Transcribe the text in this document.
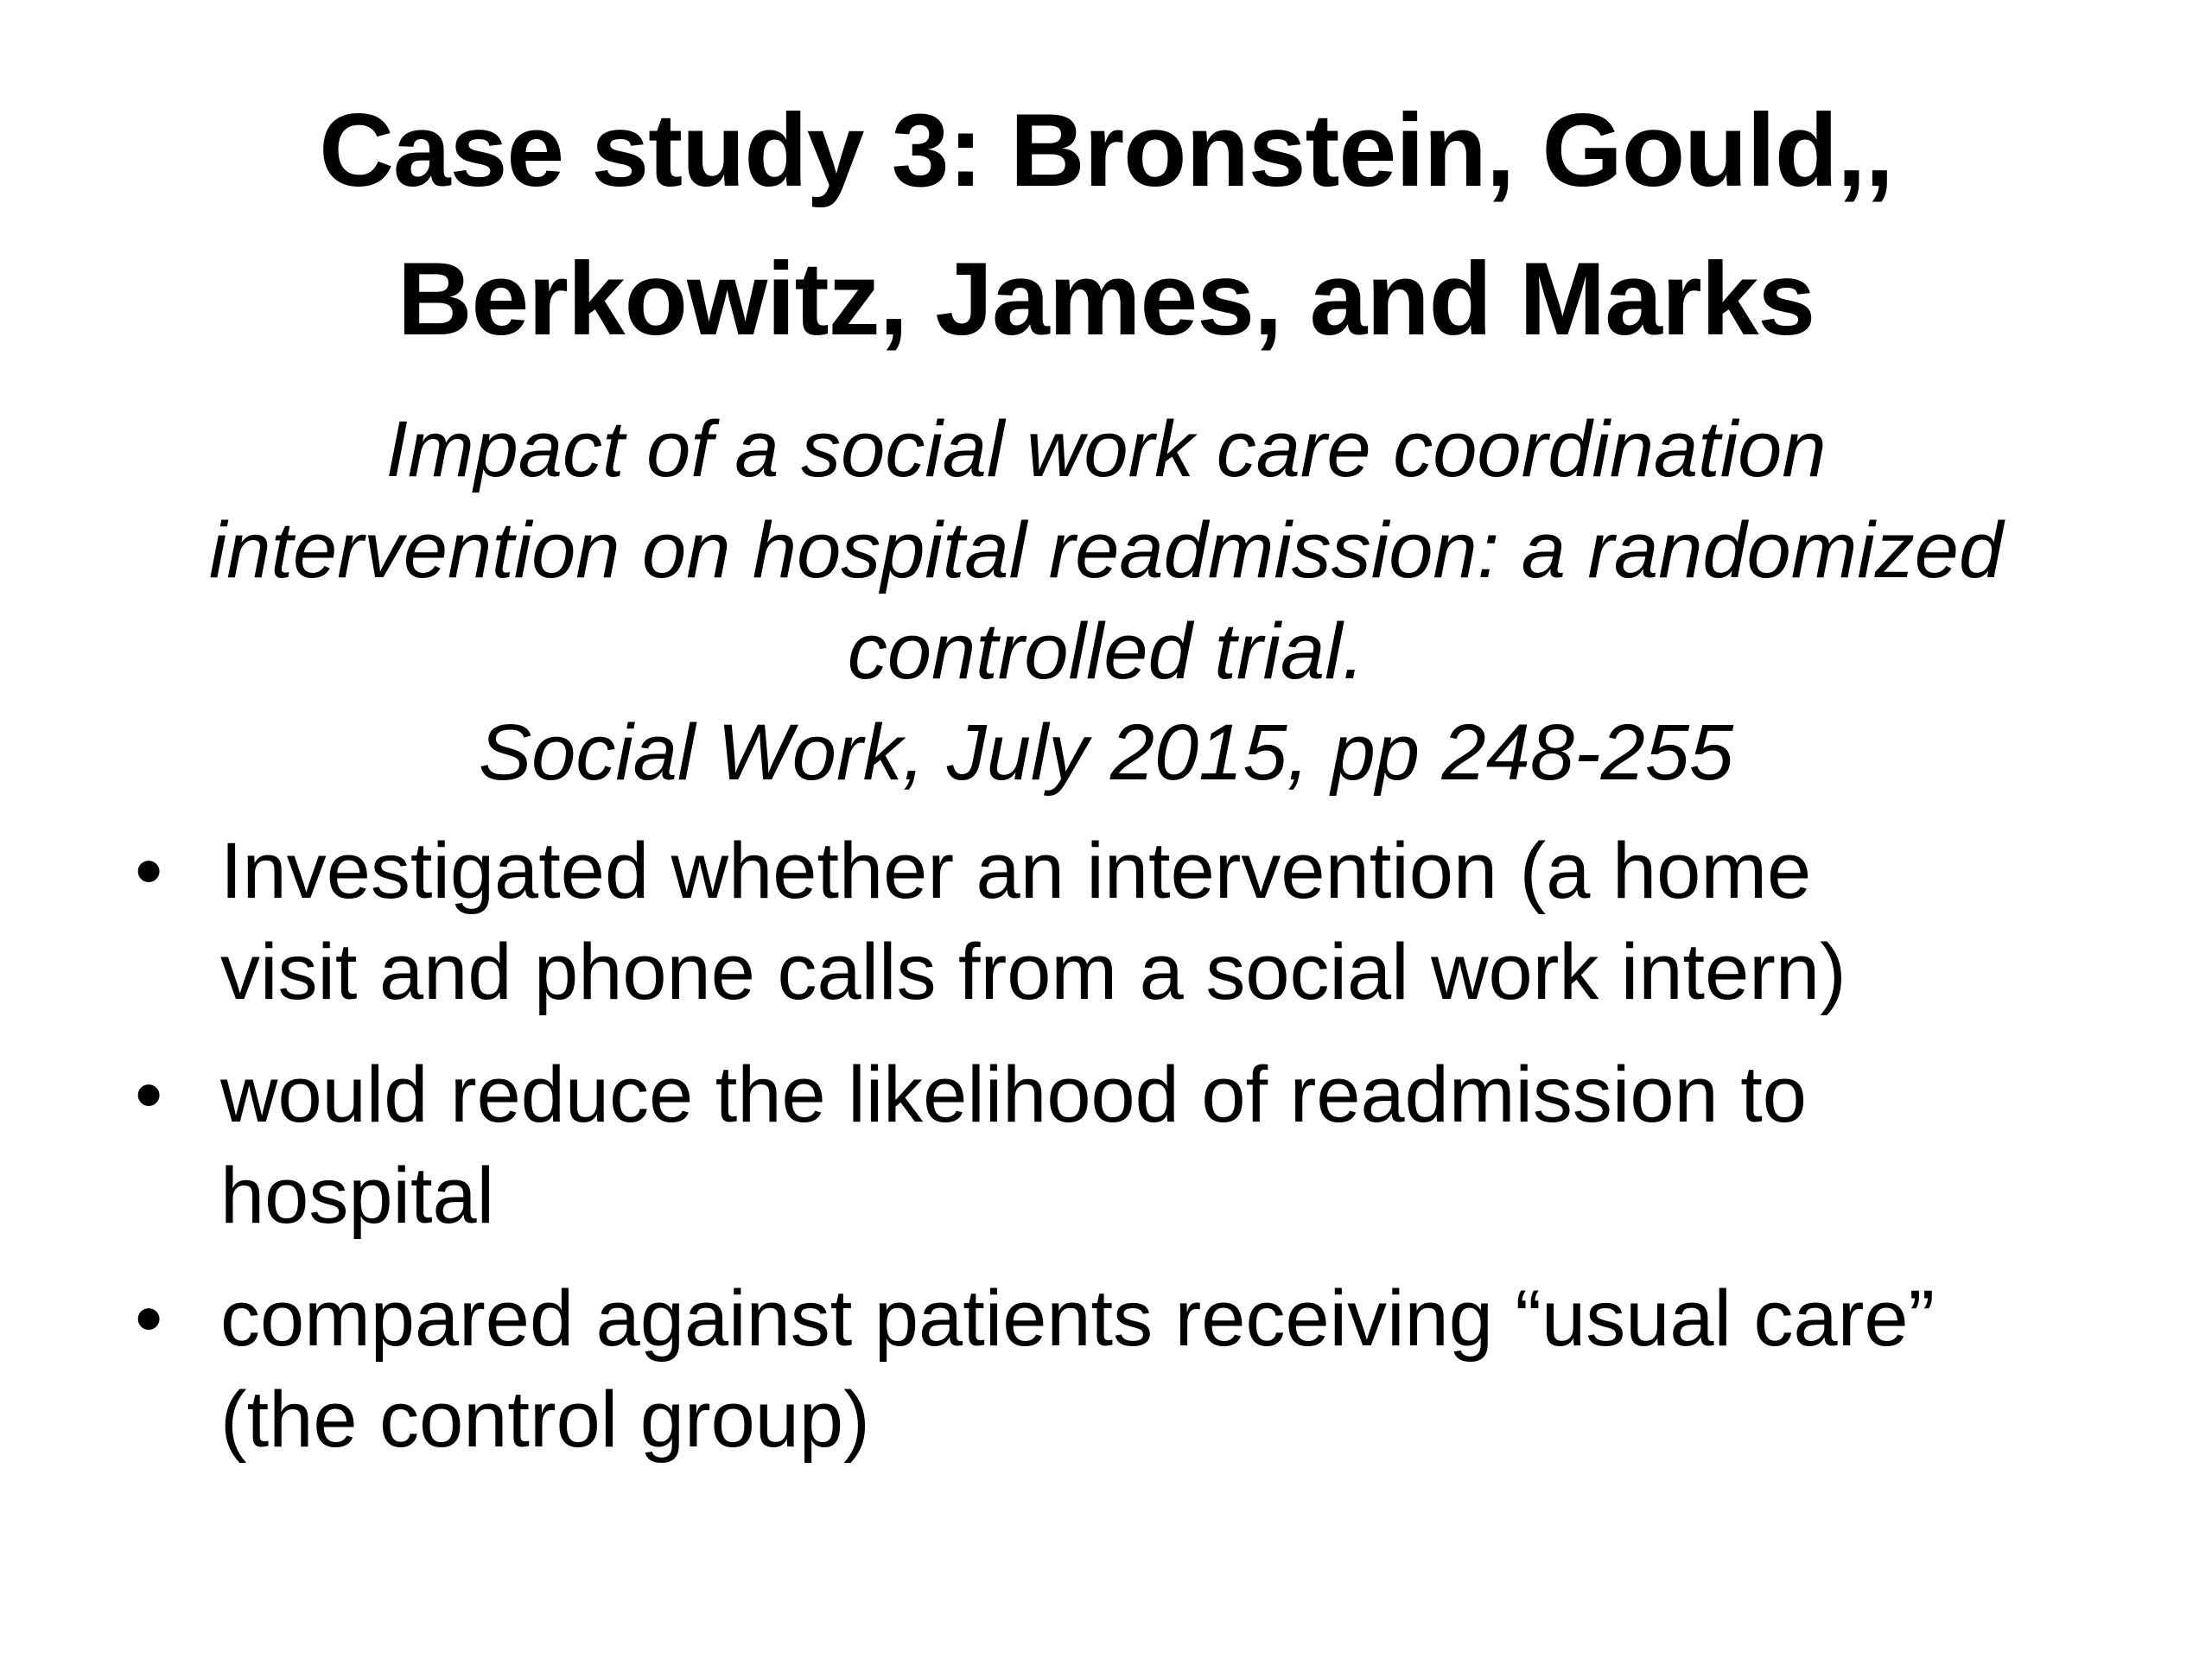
Case study 3: Bronstein, Gould,,
Berkowitz, James, and Marks
Impact of a social work care coordination
intervention on hospital readmission: a randomized
controlled trial.
Social Work, July 2015, pp 248-255
• Investigated whether an intervention (a home
visit and phone calls from a social work intern)
• would reduce the likelihood of readmission to
hospital
• compared against patients receiving “usual care”
(the control group)
